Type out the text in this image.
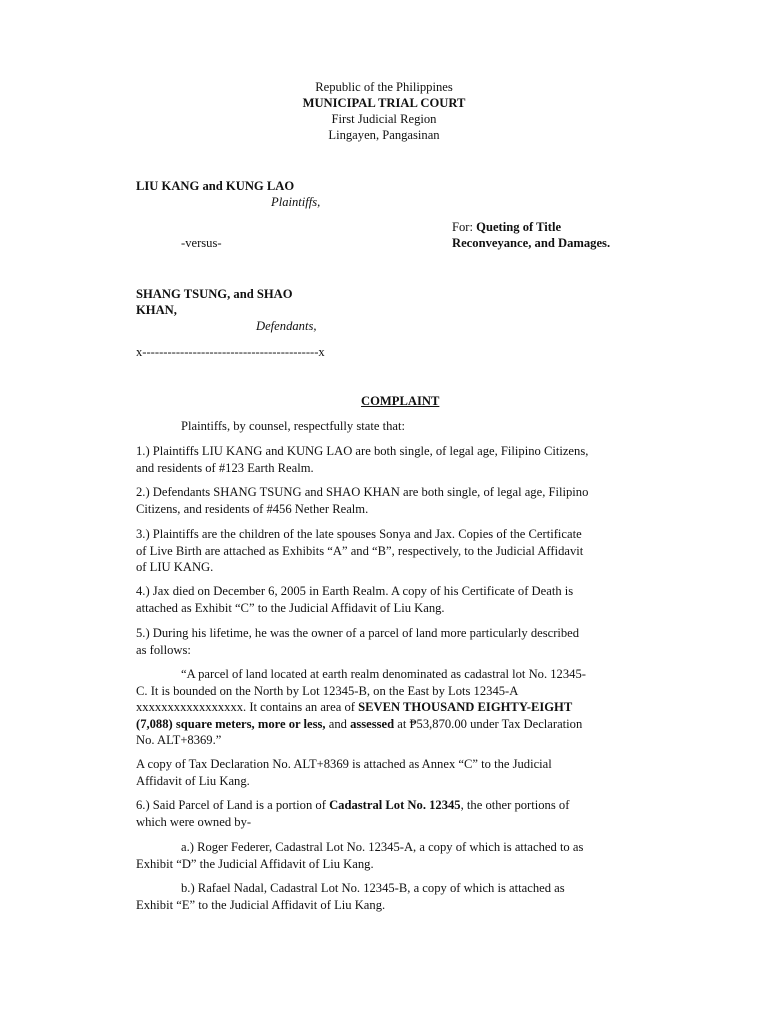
Republic of the Philippines
MUNICIPAL TRIAL COURT
First Judicial Region
Lingayen, Pangasinan
LIU KANG and KUNG LAO
Plaintiffs,
For: Queting of Title
Reconveyance, and Damages.
-versus-
SHANG TSUNG, and SHAO
KHAN,
Defendants,
x------------------------------------------x
COMPLAINT
Plaintiffs, by counsel, respectfully state that:
1.) Plaintiffs LIU KANG and KUNG LAO are both single, of legal age, Filipino Citizens,
and residents of #123 Earth Realm.
2.) Defendants SHANG TSUNG and SHAO KHAN are both single, of legal age, Filipino
Citizens, and residents of #456 Nether Realm.
3.) Plaintiffs are the children of the late spouses Sonya and Jax. Copies of the Certificate
of Live Birth are attached as Exhibits “A” and “B”, respectively, to the Judicial Affidavit
of LIU KANG.
4.) Jax died on December 6, 2005 in Earth Realm. A copy of his Certificate of Death is
attached as Exhibit “C” to the Judicial Affidavit of Liu Kang.
5.) During his lifetime, he was the owner of a parcel of land more particularly described
as follows:
“A parcel of land located at earth realm denominated as cadastral lot No. 12345-
C. It is bounded on the North by Lot 12345-B, on the East by Lots 12345-A
xxxxxxxxxxxxxxxxx. It contains an area of SEVEN THOUSAND EIGHTY-EIGHT
(7,088) square meters, more or less, and assessed at ₱53,870.00 under Tax Declaration
No. ALT+8369.”
A copy of Tax Declaration No. ALT+8369 is attached as Annex “C” to the Judicial
Affidavit of Liu Kang.
6.) Said Parcel of Land is a portion of Cadastral Lot No. 12345, the other portions of
which were owned by-
a.) Roger Federer, Cadastral Lot No. 12345-A, a copy of which is attached to as
Exhibit “D” the Judicial Affidavit of Liu Kang.
b.) Rafael Nadal, Cadastral Lot No. 12345-B, a copy of which is attached as
Exhibit “E” to the Judicial Affidavit of Liu Kang.
